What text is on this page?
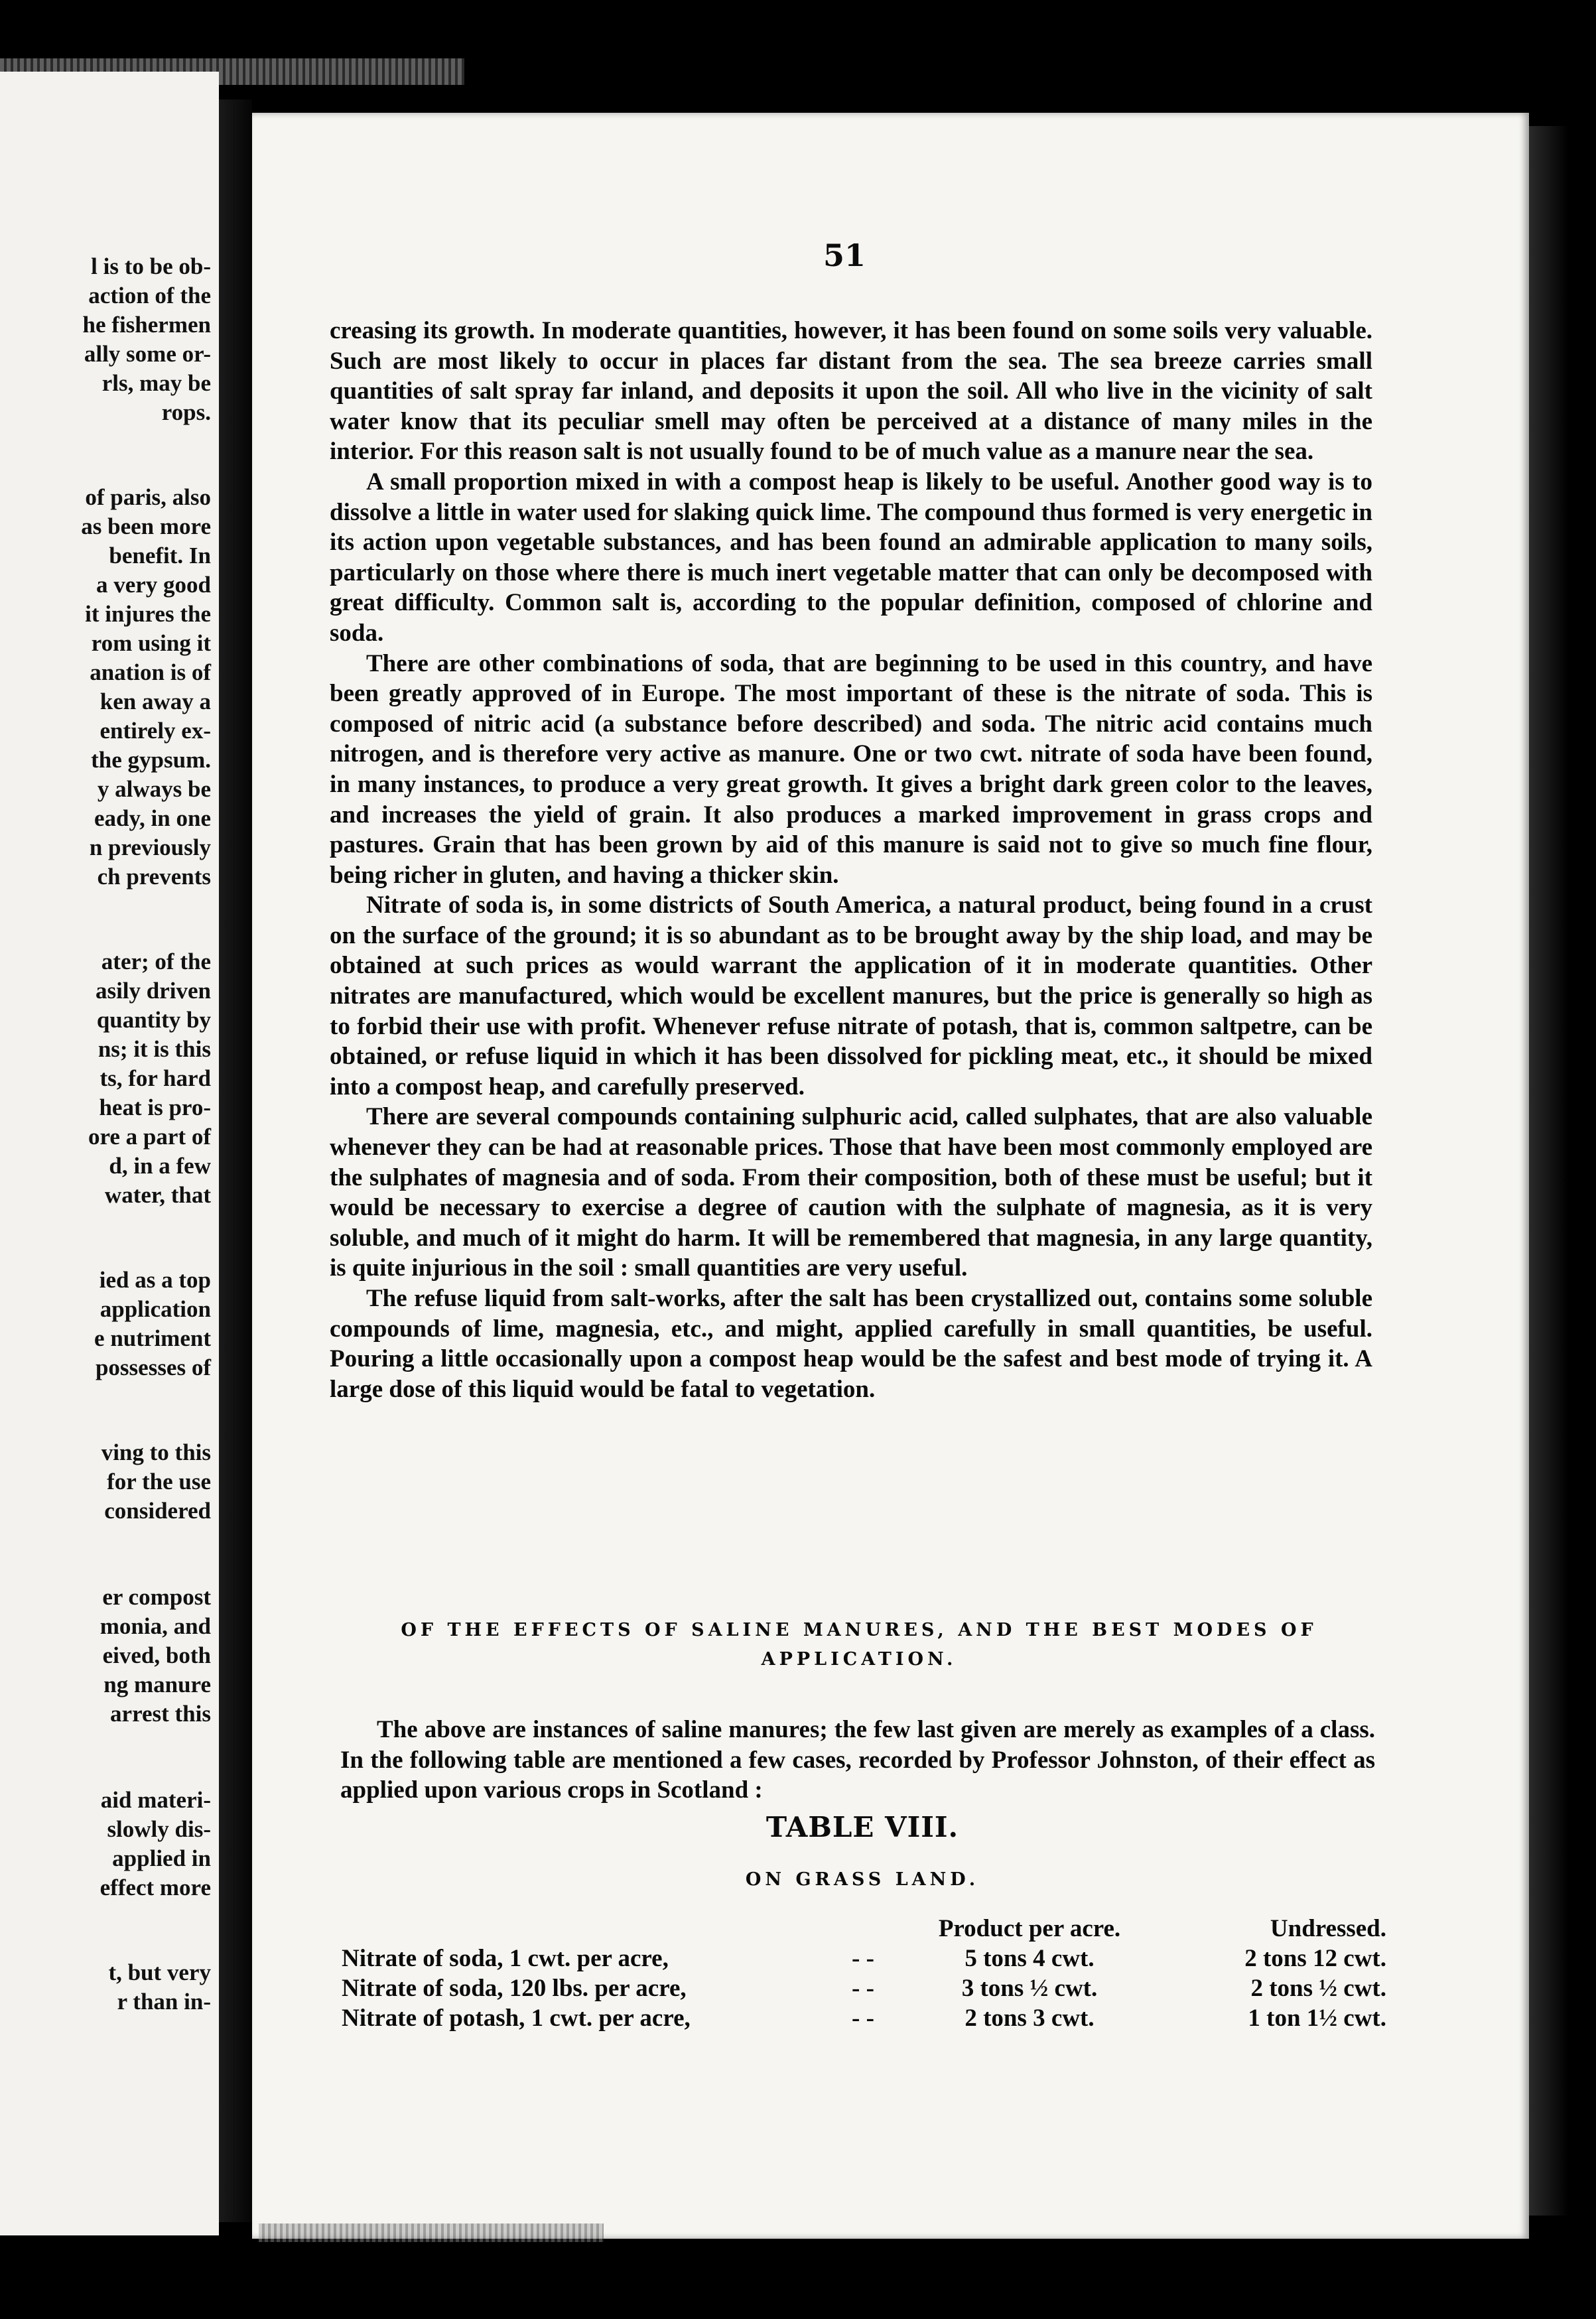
l is to be ob-
action of the
he fishermen
ally some or-
rls, may be
rops.
of paris, also
as been more
benefit. In
a very good
it injures the
rom using it
anation is of
ken away a
entirely ex-
the gypsum.
y always be
eady, in one
n previously
ch prevents
ater; of the
asily driven
quantity by
ns; it is this
ts, for hard
heat is pro-
ore a part of
d, in a few
water, that
ied as a top
application
e nutriment
possesses of
ving to this
for the use
considered
er compost
monia, and
eived, both
ng manure
arrest this
aid materi-
slowly dis-
applied in
effect more
t, but very
r than in-
51

creasing its growth. In moderate quantities, however, it has been found on some soils very valuable. Such are most likely to occur in places far distant from the sea. The sea breeze carries small quantities of salt spray far inland, and deposits it upon the soil. All who live in the vicinity of salt water know that its peculiar smell may often be perceived at a distance of many miles in the interior. For this reason salt is not usually found to be of much value as a manure near the sea.

A small proportion mixed in with a compost heap is likely to be useful. Another good way is to dissolve a little in water used for slaking quick lime. The compound thus formed is very energetic in its action upon vegetable substances, and has been found an admirable application to many soils, particularly on those where there is much inert vegetable matter that can only be decomposed with great difficulty. Common salt is, according to the popular definition, composed of chlorine and soda.

There are other combinations of soda, that are beginning to be used in this country, and have been greatly approved of in Europe. The most important of these is the nitrate of soda. This is composed of nitric acid (a substance before described) and soda. The nitric acid contains much nitrogen, and is therefore very active as manure. One or two cwt. nitrate of soda have been found, in many instances, to produce a very great growth. It gives a bright dark green color to the leaves, and increases the yield of grain. It also produces a marked improvement in grass crops and pastures. Grain that has been grown by aid of this manure is said not to give so much fine flour, being richer in gluten, and having a thicker skin.

Nitrate of soda is, in some districts of South America, a natural product, being found in a crust on the surface of the ground; it is so abundant as to be brought away by the ship load, and may be obtained at such prices as would warrant the application of it in moderate quantities. Other nitrates are manufactured, which would be excellent manures, but the price is generally so high as to forbid their use with profit. Whenever refuse nitrate of potash, that is, common saltpetre, can be obtained, or refuse liquid in which it has been dissolved for pickling meat, etc., it should be mixed into a compost heap, and carefully preserved.

There are several compounds containing sulphuric acid, called sulphates, that are also valuable whenever they can be had at reasonable prices. Those that have been most commonly employed are the sulphates of magnesia and of soda. From their composition, both of these must be useful; but it would be necessary to exercise a degree of caution with the sulphate of magnesia, as it is very soluble, and much of it might do harm. It will be remembered that magnesia, in any large quantity, is quite injurious in the soil : small quantities are very useful.

The refuse liquid from salt-works, after the salt has been crystallized out, contains some soluble compounds of lime, magnesia, etc., and might, applied carefully in small quantities, be useful. Pouring a little occasionally upon a compost heap would be the safest and best mode of trying it. A large dose of this liquid would be fatal to vegetation.

OF THE EFFECTS OF SALINE MANURES, AND THE BEST MODES OF APPLICATION.

The above are instances of saline manures; the few last given are merely as examples of a class. In the following table are mentioned a few cases, recorded by Professor Johnston, of their effect as applied upon various crops in Scotland :

TABLE VIII.
ON GRASS LAND.
		Product per acre.	Undressed.
Nitrate of soda, 1 cwt. per acre,	- -	5 tons 4 cwt.	2 tons 12 cwt.
Nitrate of soda, 120 lbs. per acre,	- -	3 tons ½ cwt.	2 tons ½ cwt.
Nitrate of potash, 1 cwt. per acre,	- -	2 tons 3 cwt.	1 ton 1½ cwt.
